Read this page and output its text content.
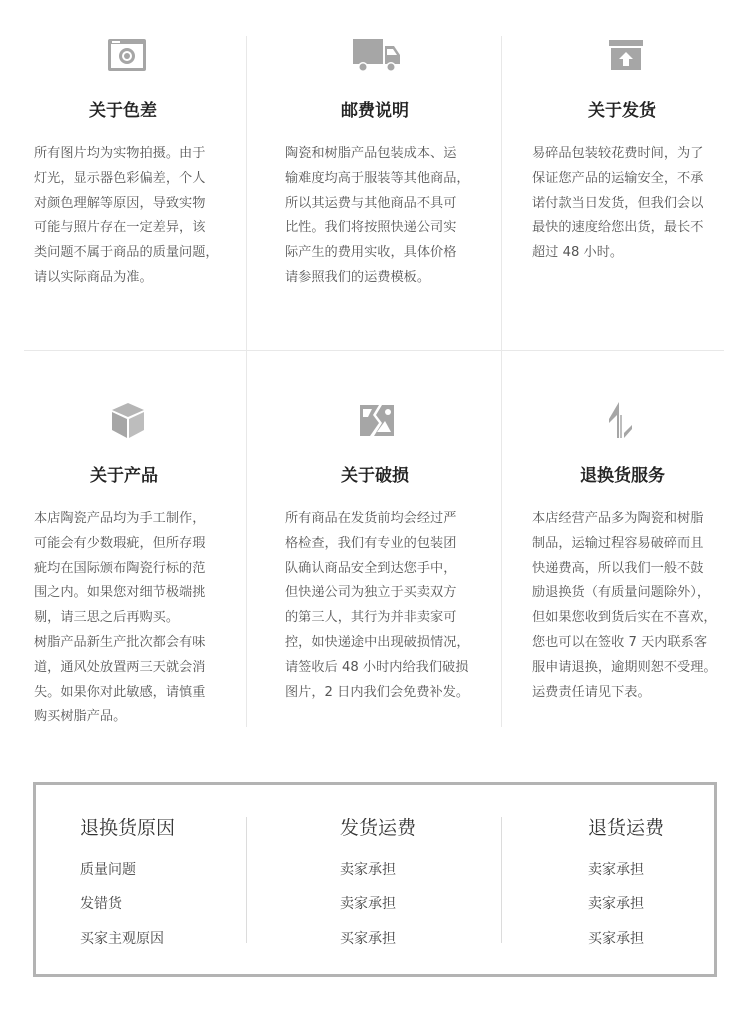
关于色差
所有图片均为实物拍摄。由于
灯光，显示器色彩偏差，个人
对颜色理解等原因，导致实物
可能与照片存在一定差异，该
类问题不属于商品的质量问题，
请以实际商品为准。
邮费说明
陶瓷和树脂产品包装成本、运
输难度均高于服装等其他商品，
所以其运费与其他商品不具可
比性。我们将按照快递公司实
际产生的费用实收，具体价格
请参照我们的运费模板。
关于发货
易碎品包装较花费时间，为了
保证您产品的运输安全，不承
诺付款当日发货，但我们会以
最快的速度给您出货，最长不
超过 48 小时。
关于产品
本店陶瓷产品均为手工制作，
可能会有少数瑕疵，但所存瑕
疵均在国际颁布陶瓷行标的范
围之内。如果您对细节极端挑
剔，请三思之后再购买。
树脂产品新生产批次都会有味
道，通风处放置两三天就会消
失。如果你对此敏感，请慎重
购买树脂产品。
关于破损
所有商品在发货前均会经过严
格检查，我们有专业的包装团
队确认商品安全到达您手中，
但快递公司为独立于买卖双方
的第三人，其行为并非卖家可
控，如快递途中出现破损情况，
请签收后 48 小时内给我们破损
图片，2 日内我们会免费补发。
退换货服务
本店经营产品多为陶瓷和树脂
制品，运输过程容易破碎而且
快递费高，所以我们一般不鼓
励退换货（有质量问题除外），
但如果您收到货后实在不喜欢，
您也可以在签收 7 天内联系客
服申请退换，逾期则恕不受理。
运费责任请见下表。
退换货原因
质量问题
发错货
买家主观原因
发货运费
卖家承担
卖家承担
买家承担
退货运费
卖家承担
卖家承担
买家承担
